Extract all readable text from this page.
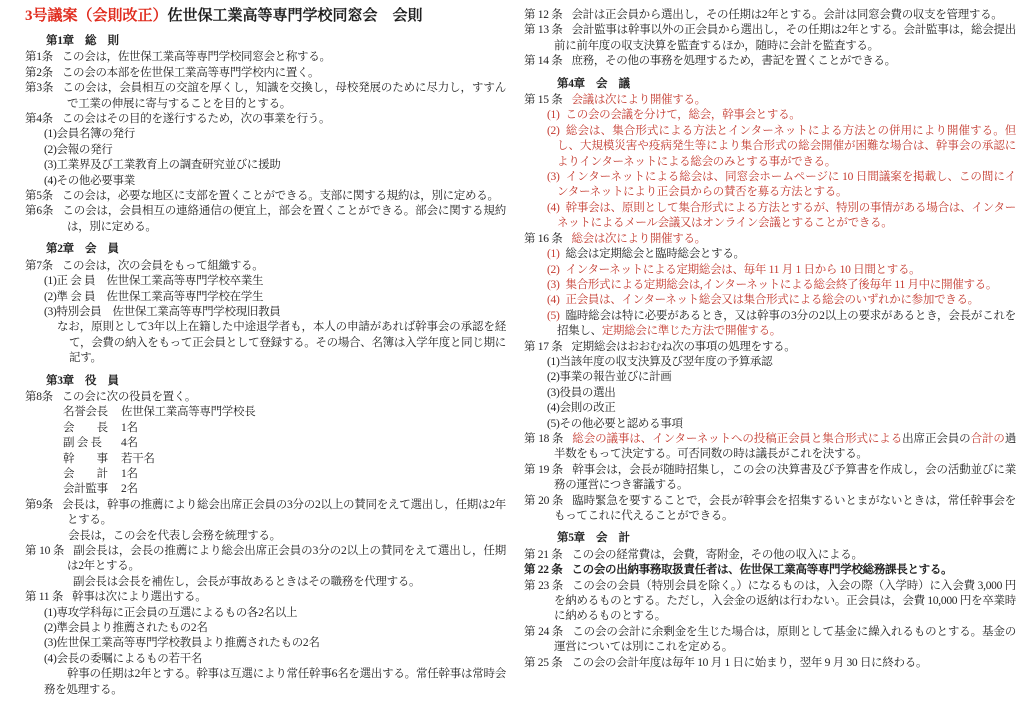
3号議案（会則改正）佐世保工業高等専門学校同窓会　会則
第1章　総　則
第1条 この会は，佐世保工業高等専門学校同窓会と称する。
第2条 この会の本部を佐世保工業高等専門学校内に置く。
第3条 この会は，会員相互の交誼を厚くし，知識を交換し，母校発展のために尽力し，すすんで工業の伸展に寄与することを目的とする。
第4条 この会はその目的を遂行するため，次の事業を行う。
(1)会員名簿の発行
(2)会報の発行
(3)工業界及び工業教育上の調査研究並びに援助
(4)その他必要事業
第5条 この会は，必要な地区に支部を置くことができる。支部に関する規約は，別に定める。
第6条 この会は，会員相互の連絡通信の便宜上，部会を置くことができる。部会に関する規約は，別に定める。
第2章　会　員
第7条 この会は，次の会員をもって組織する。
(1)正 会 員　佐世保工業高等専門学校卒業生
(2)準 会 員　佐世保工業高等専門学校在学生
(3)特別会員　佐世保工業高等専門学校現旧教員
なお，原則として3年以上在籍した中途退学者も，本人の申請があれば幹事会の承認を経て，会費の納入をもって正会員として登録する。その場合、名簿は入学年度と同じ期に記す。
第3章　役　員
第8条 この会に次の役員を置く。
名誉会長 佐世保工業高等専門学校長
会　　長 1名
副 会 長 4名
幹　　事 若干名
会　　計 1名
会計監事 2名
第9条 会長は，幹事の推薦により総会出席正会員の3分の2以上の賛同をえて選出し，任期は2年とする。
会長は，この会を代表し会務を統理する。
第 10 条 副会長は，会長の推薦により総会出席正会員の3分の2以上の賛同をえて選出し，任期は2年とする。
副会長は会長を補佐し，会長が事故あるときはその職務を代理する。
第 11 条 幹事は次により選出する。
(1)専攻学科毎に正会員の互選によるもの各2名以上
(2)準会員より推薦されたもの2名
(3)佐世保工業高等専門学校教員より推薦されたもの2名
(4)会長の委嘱によるもの若干名
幹事の任期は2年とする。幹事は互選により常任幹事6名を選出する。常任幹事は常時会務を処理する。
第 12 条 会計は正会員から選出し，その任期は2年とする。会計は同窓会費の収支を管理する。
第 13 条 会計監事は幹事以外の正会員から選出し，その任期は2年とする。会計監事は，総会提出前に前年度の収支決算を監査するほか，随時に会計を監査する。
第 14 条 庶務，その他の事務を処理するため，書記を置くことができる。
第4章　会　議
第 15 条 会議は次により開催する。
(1) この会の会議を分けて，総会，幹事会とする。
(2) 総会は、集合形式による方法とインターネットによる方法との併用により開催する。但し、大規模災害や疫病発生等により集合形式の総会開催が困難な場合は、幹事会の承認によりインターネットによる総会のみとする事ができる。
(3) インターネットによる総会は、同窓会ホームページに 10 日間議案を掲載し、この間にインターネットにより正会員からの賛否を募る方法とする。
(4) 幹事会は、原則として集合形式による方法とするが、特別の事情がある場合は、インターネットによるメール会議又はオンライン会議とすることができる。
第 16 条 総会は次により開催する。
(1) 総会は定期総会と臨時総会とする。
(2) インターネットによる定期総会は、毎年 11 月 1 日から 10 日間とする。
(3) 集合形式による定期総会は,インターネットによる総会終了後毎年 11 月中に開催する。
(4) 正会員は、インターネット総会又は集合形式による総会のいずれかに参加できる。
(5) 臨時総会は特に必要があるとき，又は幹事の3分の2以上の要求があるとき，会長がこれを招集し、定期総会に準じた方法で開催する。
第 17 条 定期総会はおおむね次の事項の処理をする。
(1)当該年度の収支決算及び翌年度の予算承認
(2)事業の報告並びに計画
(3)役員の選出
(4)会則の改正
(5)その他必要と認める事項
第 18 条 総会の議事は、インターネットへの投稿正会員と集合形式による出席正会員の合計の過半数をもって決定する。可否同数の時は議長がこれを決する。
第 19 条 幹事会は，会長が随時招集し，この会の決算書及び予算書を作成し，会の活動並びに業務の運営につき審議する。
第 20 条 臨時緊急を要することで，会長が幹事会を招集するいとまがないときは，常任幹事会をもってこれに代えることができる。
第5章　会　計
第 21 条 この会の経常費は，会費，寄附金，その他の収入による。
第 22 条 この会の出納事務取扱責任者は、佐世保工業高等専門学校総務課長とする。
第 23 条 この会の会員（特別会員を除く。）になるものは，入会の際（入学時）に入会費 3,000 円を納めるものとする。ただし，入会金の返納は行わない。正会員は，会費 10,000 円を卒業時に納めるものとする。
第 24 条 この会の会計に余剰金を生じた場合は，原則として基金に繰入れるものとする。基金の運営については別にこれを定める。
第 25 条 この会の会計年度は毎年 10 月 1 日に始まり，翌年 9 月 30 日に終わる。
